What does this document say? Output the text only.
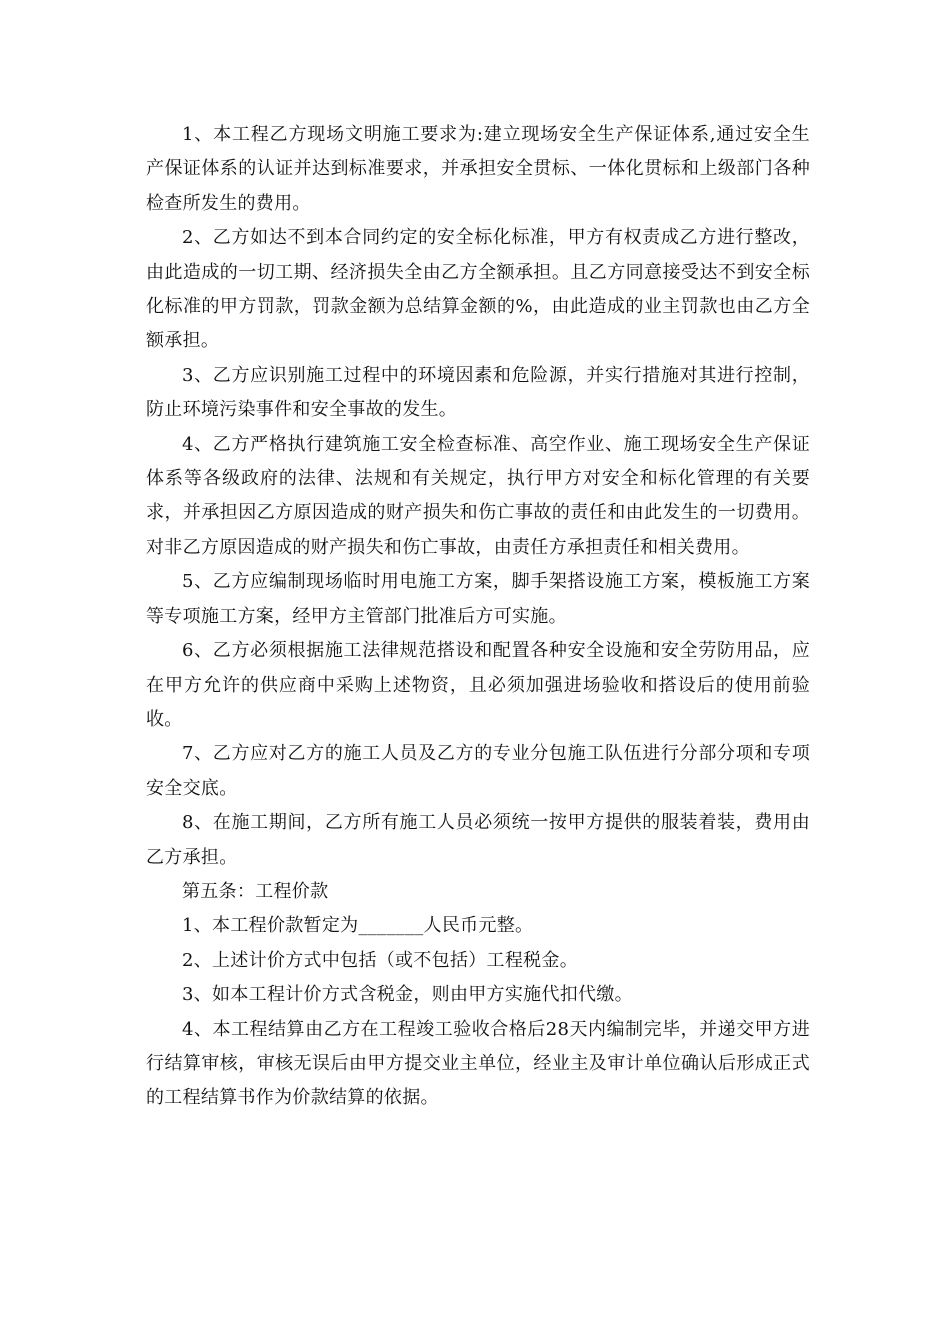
1、本工程乙方现场文明施工要求为:建立现场安全生产保证体系,通过安全生产保证体系的认证并达到标准要求，并承担安全贯标、一体化贯标和上级部门各种检查所发生的费用。

2、乙方如达不到本合同约定的安全标化标准，甲方有权责成乙方进行整改，由此造成的一切工期、经济损失全由乙方全额承担。且乙方同意接受达不到安全标化标准的甲方罚款，罚款金额为总结算金额的%，由此造成的业主罚款也由乙方全额承担。

3、乙方应识别施工过程中的环境因素和危险源，并实行措施对其进行控制，防止环境污染事件和安全事故的发生。

4、乙方严格执行建筑施工安全检查标准、高空作业、施工现场安全生产保证体系等各级政府的法律、法规和有关规定，执行甲方对安全和标化管理的有关要求，并承担因乙方原因造成的财产损失和伤亡事故的责任和由此发生的一切费用。对非乙方原因造成的财产损失和伤亡事故，由责任方承担责任和相关费用。

5、乙方应编制现场临时用电施工方案，脚手架搭设施工方案，模板施工方案等专项施工方案，经甲方主管部门批准后方可实施。

6、乙方必须根据施工法律规范搭设和配置各种安全设施和安全劳防用品，应在甲方允许的供应商中采购上述物资，且必须加强进场验收和搭设后的使用前验收。

7、乙方应对乙方的施工人员及乙方的专业分包施工队伍进行分部分项和专项安全交底。

8、在施工期间，乙方所有施工人员必须统一按甲方提供的服装着装，费用由乙方承担。

第五条：工程价款

1、本工程价款暂定为_______人民币元整。

2、上述计价方式中包括（或不包括）工程税金。

3、如本工程计价方式含税金，则由甲方实施代扣代缴。

4、本工程结算由乙方在工程竣工验收合格后28天内编制完毕，并递交甲方进行结算审核，审核无误后由甲方提交业主单位，经业主及审计单位确认后形成正式的工程结算书作为价款结算的依据。
